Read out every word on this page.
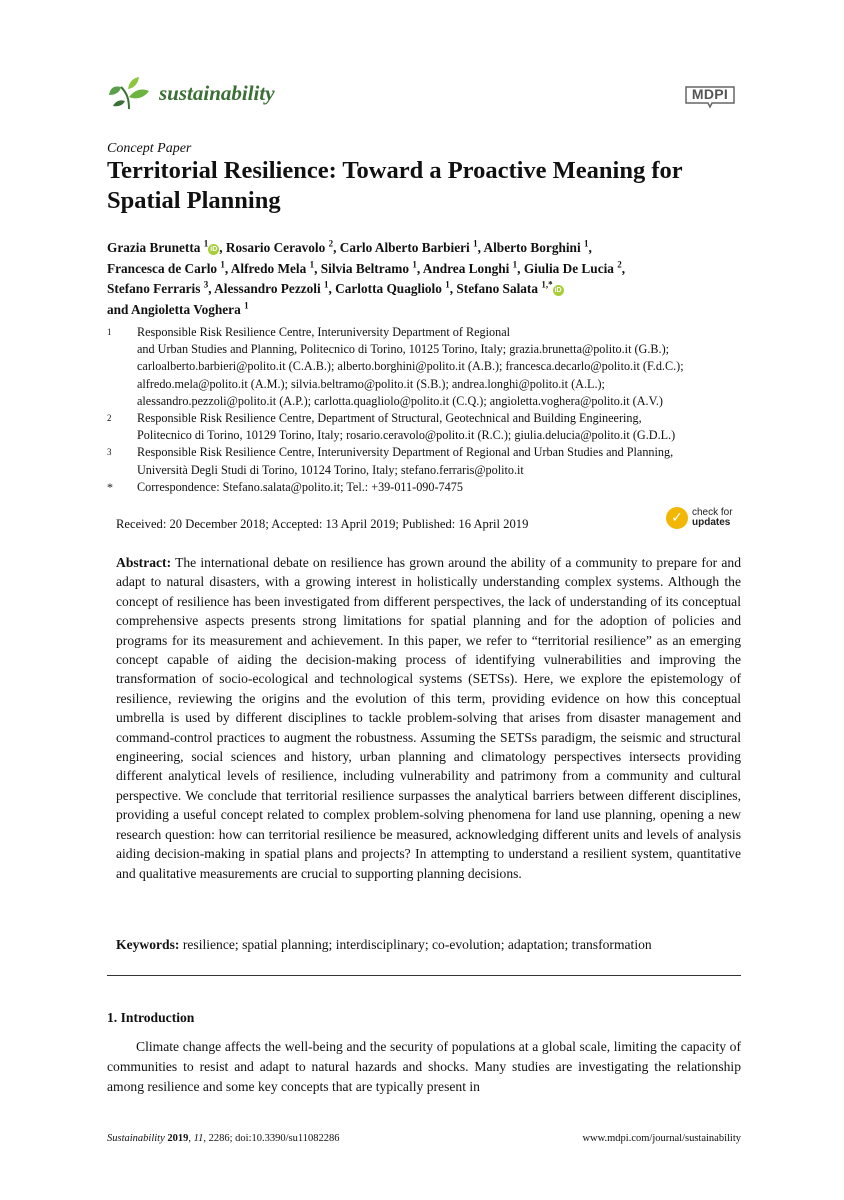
sustainability	MDPI
Concept Paper
Territorial Resilience: Toward a Proactive Meaning for Spatial Planning
Grazia Brunetta $^1$iD , Rosario Ceravolo $^2$, Carlo Alberto Barbieri $^1$, Alberto Borghini $^1$,
Francesca de Carlo $^1$, Alfredo Mela $^1$, Silvia Beltramo $^1$, Andrea Longhi $^1$, Giulia De Lucia $^2$,
Stefano Ferraris $^3$, Alessandro Pezzoli $^1$, Carlotta Quagliolo $^1$, Stefano Salata $^{1,*}$iD
and Angioletta Voghera $^1$
1	Responsible Risk Resilience Centre, Interuniversity Department of Regional
and Urban Studies and Planning, Politecnico di Torino, 10125 Torino, Italy; grazia.brunetta@polito.it (G.B.);
carloalberto.barbieri@polito.it (C.A.B.); alberto.borghini@polito.it (A.B.); francesca.decarlo@polito.it (F.d.C.);
alfredo.mela@polito.it (A.M.); silvia.beltramo@polito.it (S.B.); andrea.longhi@polito.it (A.L.);
alessandro.pezzoli@polito.it (A.P.); carlotta.quagliolo@polito.it (C.Q.); angioletta.voghera@polito.it (A.V.)
2	Responsible Risk Resilience Centre, Department of Structural, Geotechnical and Building Engineering,
Politecnico di Torino, 10129 Torino, Italy; rosario.ceravolo@polito.it (R.C.); giulia.delucia@polito.it (G.D.L.)
3	Responsible Risk Resilience Centre, Interuniversity Department of Regional and Urban Studies and Planning,
Università Degli Studi di Torino, 10124 Torino, Italy; stefano.ferraris@polito.it
*	Correspondence: Stefano.salata@polito.it; Tel.: +39-011-090-7475
Received: 20 December 2018; Accepted: 13 April 2019; Published: 16 April 2019	✓ check for
updates
Abstract: The international debate on resilience has grown around the ability of a community to prepare for and adapt to natural disasters, with a growing interest in holistically understanding complex systems. Although the concept of resilience has been investigated from different perspectives, the lack of understanding of its conceptual comprehensive aspects presents strong limitations for spatial planning and for the adoption of policies and programs for its measurement and achievement. In this paper, we refer to “territorial resilience” as an emerging concept capable of aiding the decision-making process of identifying vulnerabilities and improving the transformation of socio-ecological and technological systems (SETSs). Here, we explore the epistemology of resilience, reviewing the origins and the evolution of this term, providing evidence on how this conceptual umbrella is used by different disciplines to tackle problem-solving that arises from disaster management and command-control practices to augment the robustness. Assuming the SETSs paradigm, the seismic and structural engineering, social sciences and history, urban planning and climatology perspectives intersects providing different analytical levels of resilience, including vulnerability and patrimony from a community and cultural perspective. We conclude that territorial resilience surpasses the analytical barriers between different disciplines, providing a useful concept related to complex problem-solving phenomena for land use planning, opening a new research question: how can territorial resilience be measured, acknowledging different units and levels of analysis aiding decision-making in spatial plans and projects? In attempting to understand a resilient system, quantitative and qualitative measurements are crucial to supporting planning decisions.
Keywords: resilience; spatial planning; interdisciplinary; co-evolution; adaptation; transformation
1. Introduction
Climate change affects the well-being and the security of populations at a global scale, limiting the capacity of communities to resist and adapt to natural hazards and shocks. Many studies are investigating the relationship among resilience and some key concepts that are typically present in
Sustainability 2019, 11, 2286; doi:10.3390/su11082286	www.mdpi.com/journal/sustainability
